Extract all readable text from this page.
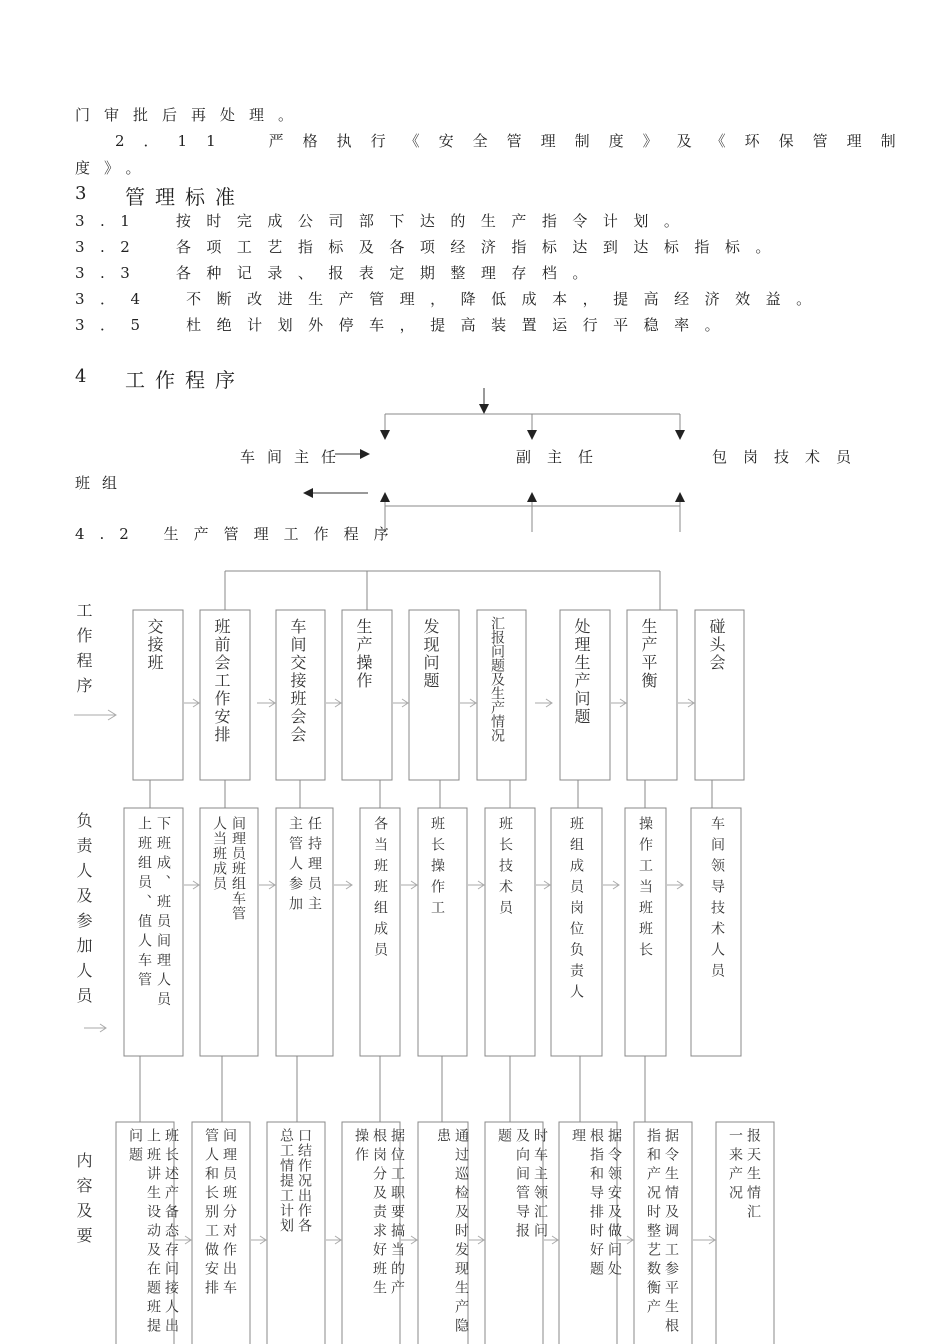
门审批后再处理。
2．11　严格执行《安全管理制度》及《环保管理制
度》。
3 管理标准
3.1　按时完成公司部下达的生产指令计划。
3.2　各项工艺指标及各项经济指标达到达标指标。
3.3　各种记录、报表定期整理存档。
3．4　不断改进生产管理，降低成本，提高经济效益。
3．5　杜绝计划外停车，提高装置运行平稳率。
4 工作程序
车间主任	副主任	包岗技术员
班组
4.2 生产管理工作程序
工作程序
负责人及参加人员
内容及要
交接班	班前会工作安排	车间交接班会会	生产操作	发现问题	汇报问题及生产情况	处理生产问题	生产平衡	碰头会
下班成、班员间理人员上班组员、值人车管	间理员班组车管人当班成员	任持理员主主管人参加	各当班班组成员	班长操作工	班长技术员	班组成员岗位负责人	操作工当班班长	车间领导技术人员
班长述产备态存问接人出上班讲生设动及在题班提问题	间理员班分对作出车管人和长别工做安排	口结作况出作各总工情提工计划	据位工职要搞当的产根岗分及责求好班生操作	通过巡检及时发现生产隐患	时车主领汇问及向间管导报题	据令领安及做问处根指和导排时好题理	据令生情及调工参平生根指和产况时整艺数衡产	报天生情汇一来产况
